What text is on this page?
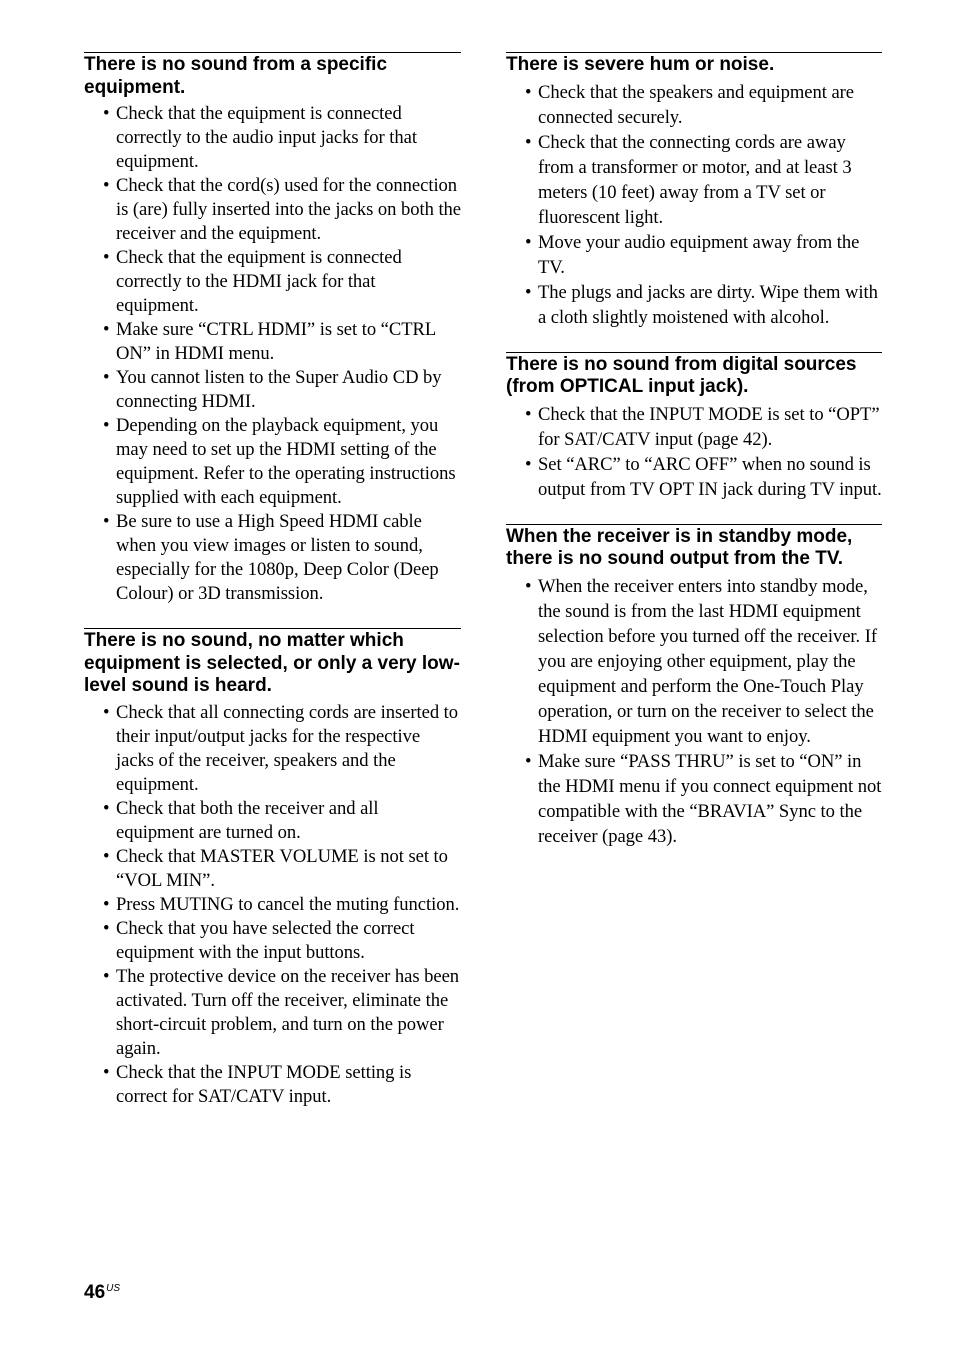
There is no sound from a specific equipment.
• Check that the equipment is connected correctly to the audio input jacks for that equipment.
• Check that the cord(s) used for the connection is (are) fully inserted into the jacks on both the receiver and the equipment.
• Check that the equipment is connected correctly to the HDMI jack for that equipment.
• Make sure “CTRL HDMI” is set to “CTRL ON” in HDMI menu.
• You cannot listen to the Super Audio CD by connecting HDMI.
• Depending on the playback equipment, you may need to set up the HDMI setting of the equipment. Refer to the operating instructions supplied with each equipment.
• Be sure to use a High Speed HDMI cable when you view images or listen to sound, especially for the 1080p, Deep Color (Deep Colour) or 3D transmission.
There is no sound, no matter which equipment is selected, or only a very low-level sound is heard.
• Check that all connecting cords are inserted to their input/output jacks for the respective jacks of the receiver, speakers and the equipment.
• Check that both the receiver and all equipment are turned on.
• Check that MASTER VOLUME is not set to “VOL MIN”.
• Press MUTING to cancel the muting function.
• Check that you have selected the correct equipment with the input buttons.
• The protective device on the receiver has been activated. Turn off the receiver, eliminate the short-circuit problem, and turn on the power again.
• Check that the INPUT MODE setting is correct for SAT/CATV input.
There is severe hum or noise.
• Check that the speakers and equipment are connected securely.
• Check that the connecting cords are away from a transformer or motor, and at least 3 meters (10 feet) away from a TV set or fluorescent light.
• Move your audio equipment away from the TV.
• The plugs and jacks are dirty. Wipe them with a cloth slightly moistened with alcohol.
There is no sound from digital sources (from OPTICAL input jack).
• Check that the INPUT MODE is set to “OPT” for SAT/CATV input (page 42).
• Set “ARC” to “ARC OFF” when no sound is output from TV OPT IN jack during TV input.
When the receiver is in standby mode, there is no sound output from the TV.
• When the receiver enters into standby mode, the sound is from the last HDMI equipment selection before you turned off the receiver. If you are enjoying other equipment, play the equipment and perform the One-Touch Play operation, or turn on the receiver to select the HDMI equipment you want to enjoy.
• Make sure “PASS THRU” is set to “ON” in the HDMI menu if you connect equipment not compatible with the “BRAVIA” Sync to the receiver (page 43).
$46^{US}$
